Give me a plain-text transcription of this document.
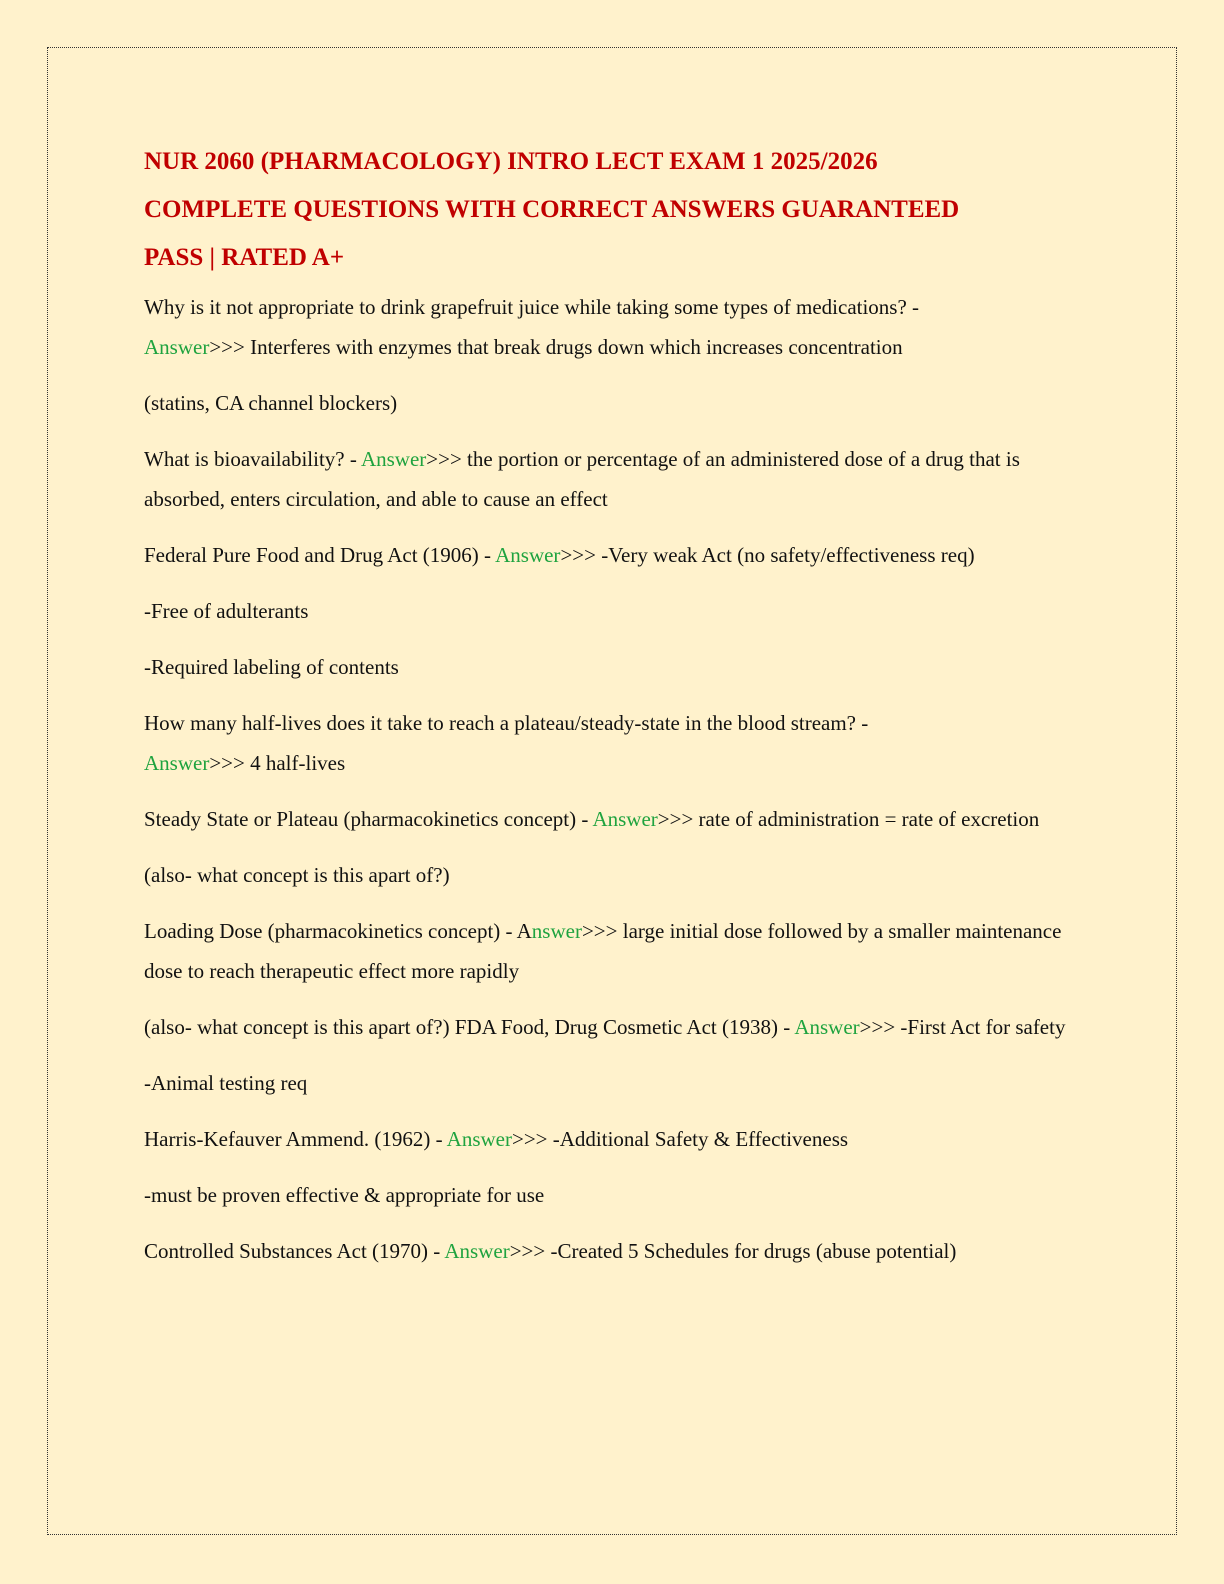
NUR 2060 (PHARMACOLOGY) INTRO LECT EXAM 1 2025/2026
COMPLETE QUESTIONS WITH CORRECT ANSWERS GUARANTEED
PASS | RATED A+

Why is it not appropriate to drink grapefruit juice while taking some types of medications? -
Answer>>> Interferes with enzymes that break drugs down which increases concentration

(statins, CA channel blockers)

What is bioavailability? - Answer>>> the portion or percentage of an administered dose of a drug that is absorbed, enters circulation, and able to cause an effect

Federal Pure Food and Drug Act (1906) - Answer>>> -Very weak Act (no safety/effectiveness req)

-Free of adulterants

-Required labeling of contents

How many half-lives does it take to reach a plateau/steady-state in the blood stream? -
Answer>>> 4 half-lives

Steady State or Plateau (pharmacokinetics concept) - Answer>>> rate of administration = rate of excretion

(also- what concept is this apart of?)

Loading Dose (pharmacokinetics concept) - Answer>>> large initial dose followed by a smaller maintenance dose to reach therapeutic effect more rapidly

(also- what concept is this apart of?) FDA Food, Drug Cosmetic Act (1938) - Answer>>> -First Act for safety

-Animal testing req

Harris-Kefauver Ammend. (1962) - Answer>>> -Additional Safety & Effectiveness

-must be proven effective & appropriate for use

Controlled Substances Act (1970) - Answer>>> -Created 5 Schedules for drugs (abuse potential)
